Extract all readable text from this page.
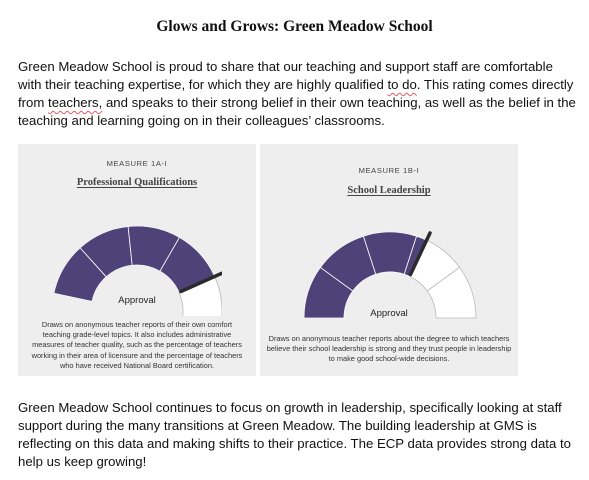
Glows and Grows: Green Meadow School

Green Meadow School is proud to share that our teaching and support staff are comfortable with their teaching expertise, for which they are highly qualified to do. This rating comes directly from teachers, and speaks to their strong belief in their own teaching, as well as the belief in the teaching and learning going on in their colleagues’ classrooms.

MEASURE 1A-I
Professional Qualifications
Approval
Draws on anonymous teacher reports of their own comfort teaching grade-level topics. It also includes administrative measures of teacher quality, such as the percentage of teachers working in their area of licensure and the percentage of teachers who have received National Board certification.
MEASURE 1B-I
School Leadership
Approval
Draws on anonymous teacher reports about the degree to which teachers believe their school leadership is strong and they trust people in leadership to make good school-wide decisions.

Green Meadow School continues to focus on growth in leadership, specifically looking at staff support during the many transitions at Green Meadow. The building leadership at GMS is reflecting on this data and making shifts to their practice. The ECP data provides strong data to help us keep growing!
